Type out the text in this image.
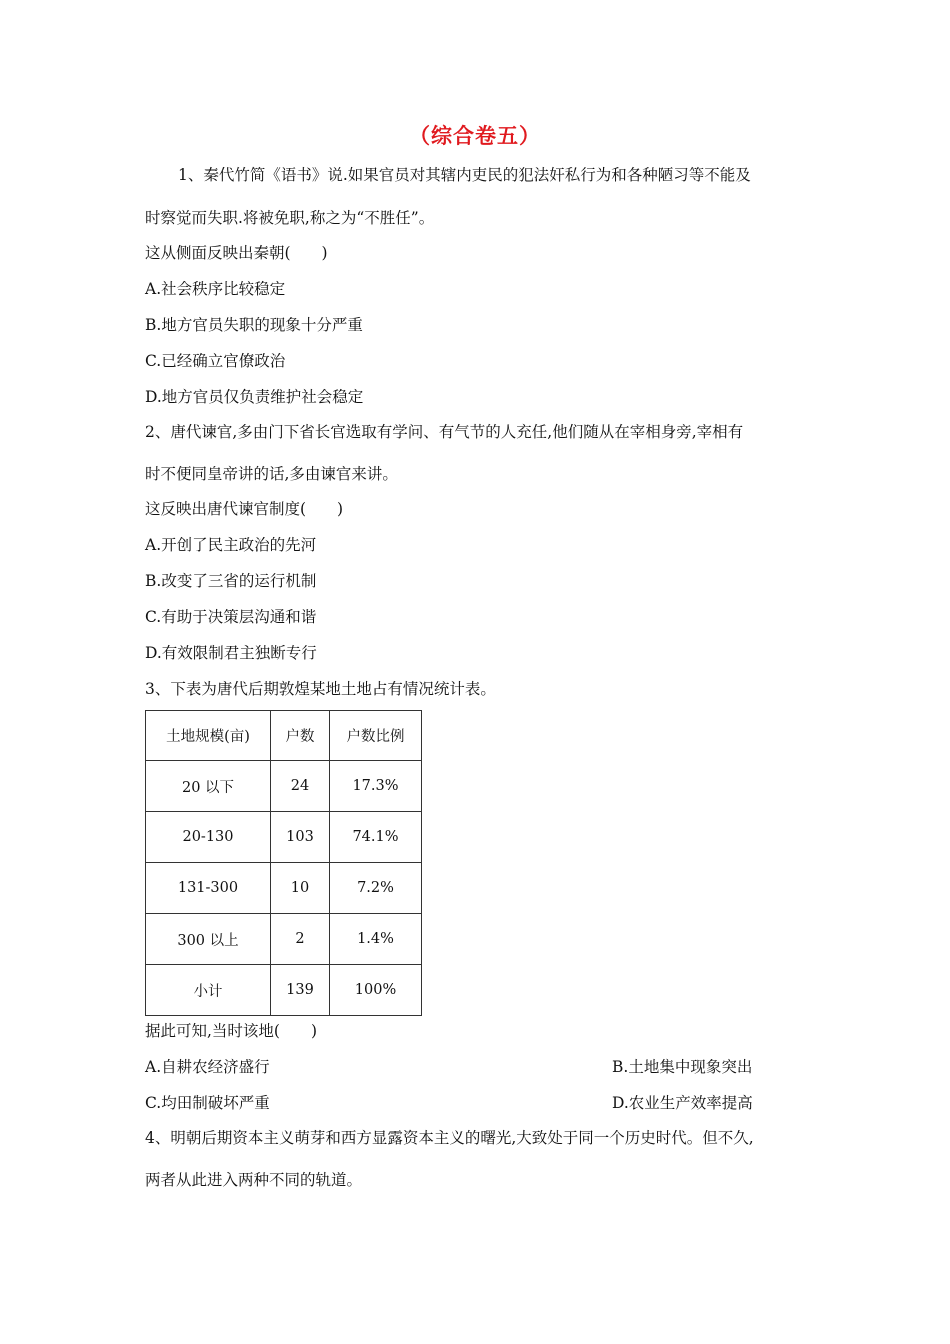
（综合卷五）
1、秦代竹简《语书》说.如果官员对其辖内吏民的犯法奸私行为和各种陋习等不能及
时察觉而失职.将被免职,称之为“不胜任”。
这从侧面反映出秦朝(　　)
A.社会秩序比较稳定
B.地方官员失职的现象十分严重
C.已经确立官僚政治
D.地方官员仅负责维护社会稳定
2、唐代谏官,多由门下省长官选取有学问、有气节的人充任,他们随从在宰相身旁,宰相有
时不便同皇帝讲的话,多由谏官来讲。
这反映出唐代谏官制度(　　)
A.开创了民主政治的先河
B.改变了三省的运行机制
C.有助于决策层沟通和谐
D.有效限制君主独断专行
3、下表为唐代后期敦煌某地土地占有情况统计表。
土地规模(亩)	户数	户数比例
20 以下	24	17.3%
20-130	103	74.1%
131-300	10	7.2%
300 以上	2	1.4%
小计	139	100%
据此可知,当时该地(　　)
A.自耕农经济盛行	B.土地集中现象突出
C.均田制破坏严重	D.农业生产效率提高
4、明朝后期资本主义萌芽和西方显露资本主义的曙光,大致处于同一个历史时代。但不久,
两者从此进入两种不同的轨道。
